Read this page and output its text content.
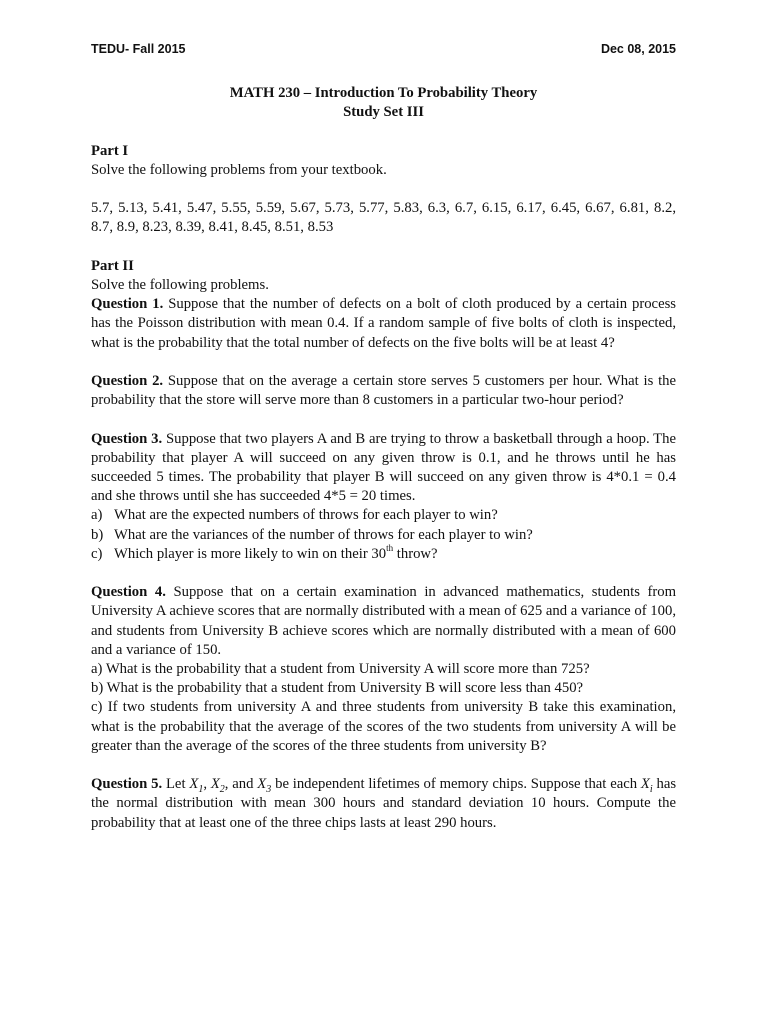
TEDU- Fall 2015	Dec 08, 2015
MATH 230 – Introduction To Probability Theory
Study Set III
Part I
Solve the following problems from your textbook.
5.7, 5.13, 5.41, 5.47, 5.55, 5.59, 5.67, 5.73, 5.77, 5.83, 6.3, 6.7, 6.15, 6.17, 6.45, 6.67, 6.81, 8.2, 8.7, 8.9, 8.23, 8.39, 8.41, 8.45, 8.51, 8.53
Part II
Solve the following problems.
Question 1. Suppose that the number of defects on a bolt of cloth produced by a certain process has the Poisson distribution with mean 0.4. If a random sample of five bolts of cloth is inspected, what is the probability that the total number of defects on the five bolts will be at least 4?
Question 2. Suppose that on the average a certain store serves 5 customers per hour. What is the probability that the store will serve more than 8 customers in a particular two-hour period?
Question 3. Suppose that two players A and B are trying to throw a basketball through a hoop. The probability that player A will succeed on any given throw is 0.1, and he throws until he has succeeded 5 times. The probability that player B will succeed on any given throw is 4*0.1 = 0.4 and she throws until she has succeeded 4*5 = 20 times.
a) What are the expected numbers of throws for each player to win?
b) What are the variances of the number of throws for each player to win?
c) Which player is more likely to win on their 30th throw?
Question 4. Suppose that on a certain examination in advanced mathematics, students from University A achieve scores that are normally distributed with a mean of 625 and a variance of 100, and students from University B achieve scores which are normally distributed with a mean of 600 and a variance of 150.
a) What is the probability that a student from University A will score more than 725?
b) What is the probability that a student from University B will score less than 450?
c) If two students from university A and three students from university B take this examination, what is the probability that the average of the scores of the two students from university A will be greater than the average of the scores of the three students from university B?
Question 5. Let $X_1$, $X_2$, and $X_3$ be independent lifetimes of memory chips. Suppose that each $X_i$ has the normal distribution with mean 300 hours and standard deviation 10 hours. Compute the probability that at least one of the three chips lasts at least 290 hours.
